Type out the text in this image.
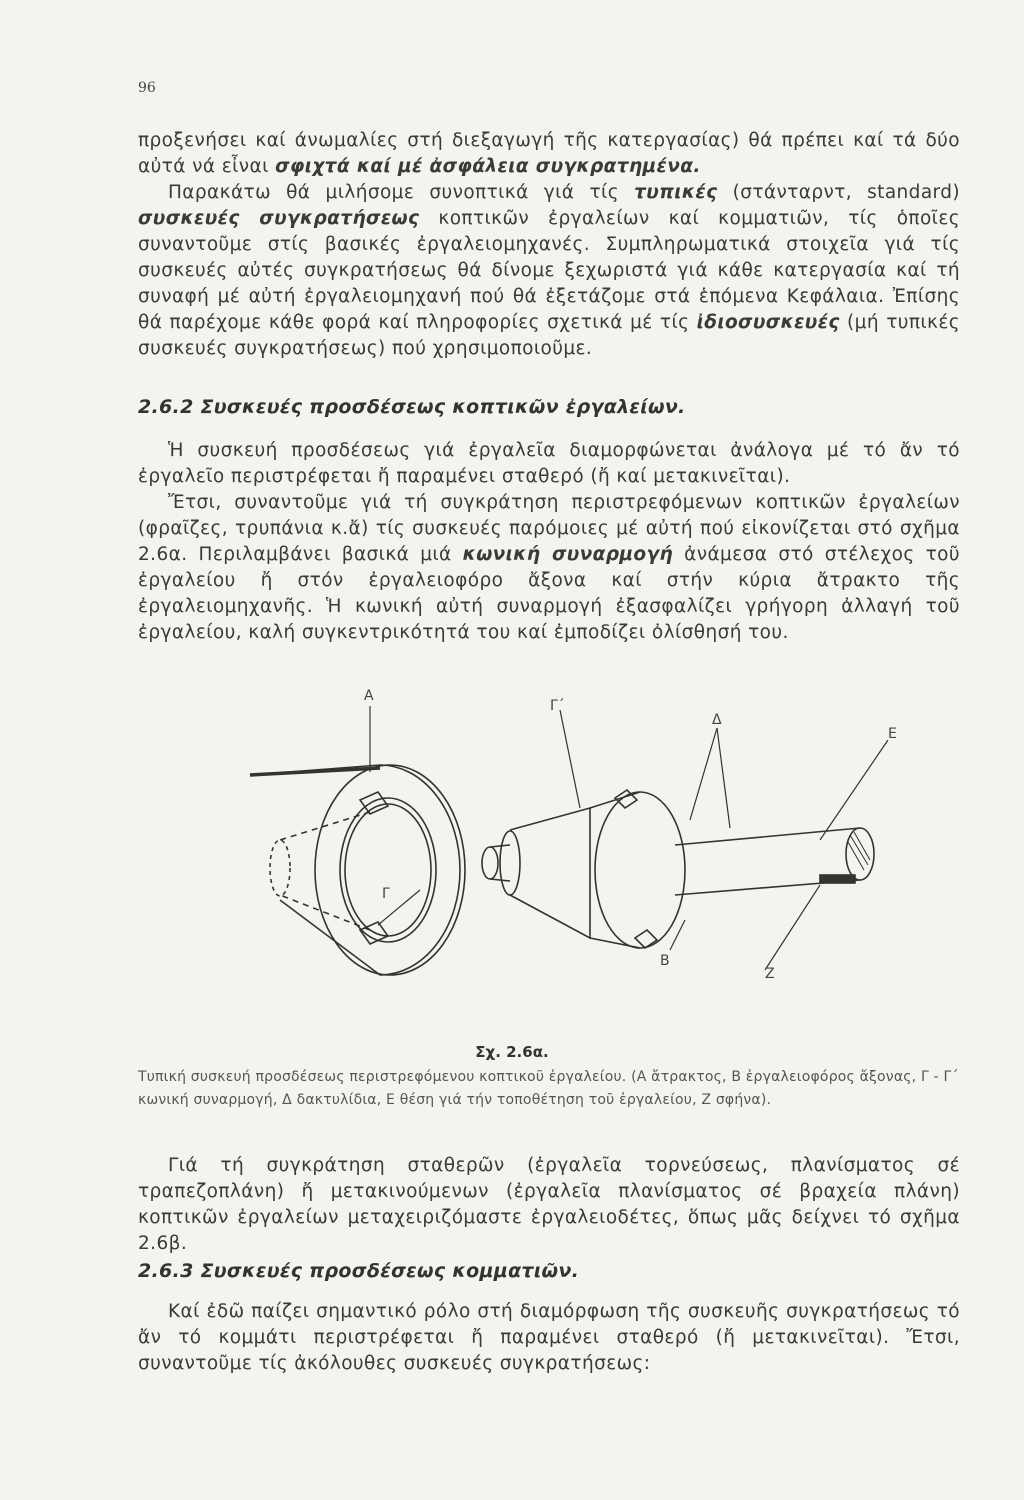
96

προξενήσει καί άνωμαλίες στή διεξαγωγή τῆς κατεργασίας) θά πρέπει καί τά δύο αὐτά νά εἶναι σφιχτά καί μέ ἀσφάλεια συγκρατημένα.

Παρακάτω θά μιλήσομε συνοπτικά γιά τίς τυπικές (στάνταρντ, standard) συσκευές συγκρατήσεως κοπτικῶν ἐργαλείων καί κομματιῶν, τίς ὁποῖες συναντοῦμε στίς βασικές ἐργαλειομηχανές. Συμπληρωματικά στοιχεῖα γιά τίς συσκευές αὐτές συγκρατήσεως θά δίνομε ξεχωριστά γιά κάθε κατεργασία καί τή συναφή μέ αὐτή ἐργαλειομηχανή πού θά ἐξετάζομε στά ἑπόμενα Κεφάλαια. Ἐπίσης θά παρέχομε κάθε φορά καί πληροφορίες σχετικά μέ τίς ἰδιοσυσκευές (μή τυπικές συσκευές συγκρατήσεως) πού χρησιμοποιοῦμε.

2.6.2 Συσκευές προσδέσεως κοπτικῶν ἐργαλείων.

Ἡ συσκευή προσδέσεως γιά ἐργαλεῖα διαμορφώνεται ἀνάλογα μέ τό ἄν τό ἐργαλεῖο περιστρέφεται ἤ παραμένει σταθερό (ἤ καί μετακινεῖται).

Ἔτσι, συναντοῦμε γιά τή συγκράτηση περιστρεφόμενων κοπτικῶν ἐργαλείων (φραῖζες, τρυπάνια κ.ἄ) τίς συσκευές παρόμοιες μέ αὐτή πού εἰκονίζεται στό σχῆμα 2.6α. Περιλαμβάνει βασικά μιά κωνική συναρμογή ἀνάμεσα στό στέλεχος τοῦ ἐργαλείου ἤ στόν ἐργαλειοφόρο ἄξονα καί στήν κύρια ἄτρακτο τῆς ἐργαλειομηχανῆς. Ἡ κωνική αὐτή συναρμογή ἐξασφαλίζει γρήγορη ἀλλαγή τοῦ ἐργαλείου, καλή συγκεντρικότητά του καί ἐμποδίζει ὀλίσθησή του.

Α
Γ΄
Δ
Ε
Γ
Β
Ζ
Σχ. 2.6α.
Τυπική συσκευή προσδέσεως περιστρεφόμενου κοπτικοῦ ἐργαλείου. (Α ἄτρακτος, Β ἐργαλειοφόρος ἄξονας, Γ - Γ΄ κωνική συναρμογή, Δ δακτυλίδια, Ε θέση γιά τήν τοποθέτηση τοῦ ἐργαλείου, Ζ σφήνα).

Γιά τή συγκράτηση σταθερῶν (ἐργαλεῖα τορνεύσεως, πλανίσματος σέ τραπεζοπλάνη) ἤ μετακινούμενων (ἐργαλεῖα πλανίσματος σέ βραχεία πλάνη) κοπτικῶν ἐργαλείων μεταχειριζόμαστε ἐργαλειοδέτες, ὅπως μᾶς δείχνει τό σχῆμα 2.6β.

2.6.3 Συσκευές προσδέσεως κομματιῶν.

Καί ἐδῶ παίζει σημαντικό ρόλο στή διαμόρφωση τῆς συσκευῆς συγκρατήσεως τό ἄν τό κομμάτι περιστρέφεται ἤ παραμένει σταθερό (ἤ μετακινεῖται). Ἔτσι, συναντοῦμε τίς ἀκόλουθες συσκευές συγκρατήσεως:
